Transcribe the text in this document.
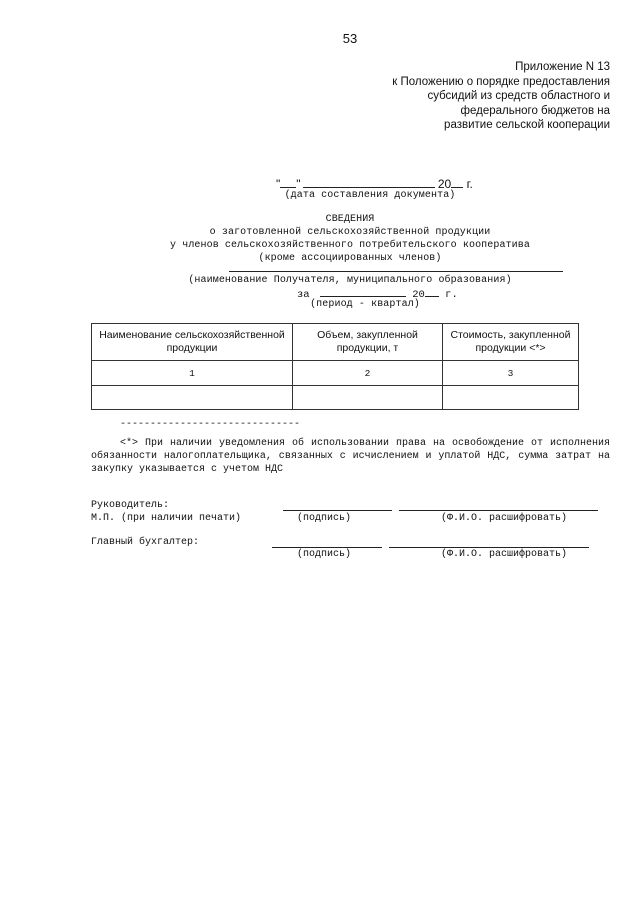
53
Приложение N 13
к Положению о порядке предоставления
субсидий из средств областного и
федерального бюджетов на
развитие сельской кооперации
" "	20 г.
(дата составления документа)
СВЕДЕНИЯ
о заготовленной сельскохозяйственной продукции
у членов сельскохозяйственного потребительского кооператива
(кроме ассоциированных членов)
(наименование Получателя, муниципального образования)
за	20 г.
(период - квартал)
Наименование сельскохозяйственной продукции	Объем, закупленной продукции, т	Стоимость, закупленной продукции <*>
1	2	3

------------------------------
<*> При наличии уведомления об использовании права на освобождение от исполнения обязанности налогоплательщика, связанных с исчислением и уплатой НДС, сумма затрат на закупку указывается с учетом НДС
Руководитель:
М.П. (при наличии печати)	(подпись)	(Ф.И.О. расшифровать)
Главный бухгалтер:
(подпись)	(Ф.И.О. расшифровать)
